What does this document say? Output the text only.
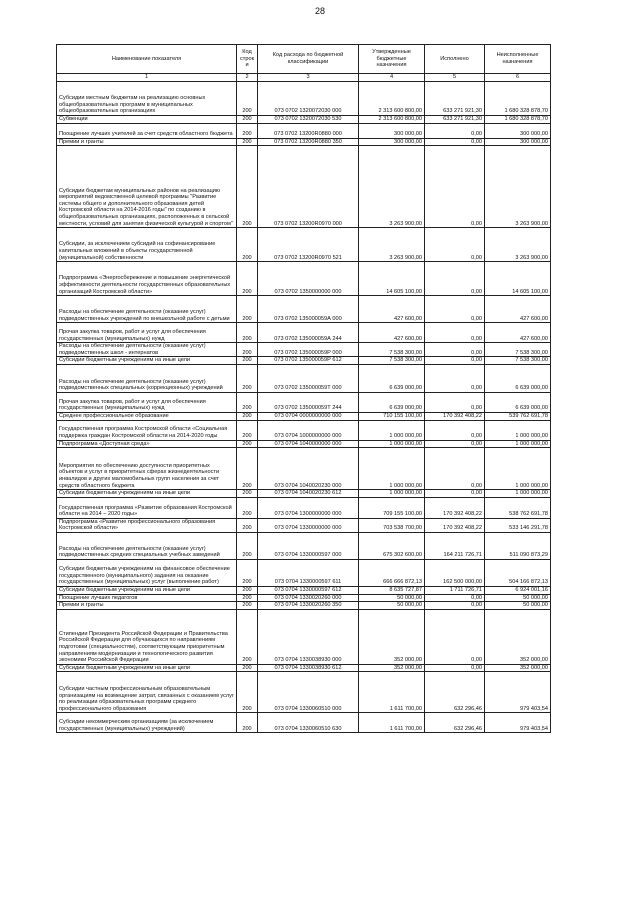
28
Наименование показателя	Код строк и	Код расхода по бюджетной классификации	Утвержденные бюджетные назначения	Исполнено	Неисполненные назначения
1	2	3	4	5	6
Субсидии местным бюджетам на реализацию основных общеобразовательных программ в муниципальных общеобразовательных организациях	200	073 0702 1320072030 000	2 313 600 800,00	633 271 921,30	1 680 328 878,70
Субвенции	200	073 0702 1320072030 530	2 313 600 800,00	633 271 921,30	1 680 328 878,70
Поощрение лучших учителей за счет средств областного бюджета	200	073 0702 13200R0880 000	300 000,00	0,00	300 000,00
Премии и гранты	200	073 0702 13200R0880 350	300 000,00	0,00	300 000,00
Субсидии бюджетам муниципальных районов на реализацию мероприятий ведомственной целевой программы "Развитие системы общего и дополнительного образования детей Костромской области на 2014-2016 годы" по созданию в общеобразовательных организациях, расположенных в сельской местности, условий для занятия физической культурой и спортом"	200	073 0702 13200R0970 000	3 263 900,00	0,00	3 263 900,00
Субсидии, за исключением субсидий на софинансирование капитальных вложений в объекты государственной (муниципальной) собственности	200	073 0702 13200R0970 521	3 263 900,00	0,00	3 263 900,00
Подпрограмма «Энергосбережение и повышение энергетической эффективности деятельности государственных образовательных организаций Костромской области»	200	073 0702 1350000000 000	14 605 100,00	0,00	14 605 100,00
Расходы на обеспечение деятельности (оказание услуг) подведомственных учреждений по внешкольной работе с детьми	200	073 0702 135000059А 000	427 600,00	0,00	427 600,00
Прочая закупка товаров, работ и услуг для обеспечения государственных (муниципальных) нужд	200	073 0702 135000059А 244	427 600,00	0,00	427 600,00
Расходы на обеспечение деятельности (оказание услуг) подведомственных школ - интернатов	200	073 0702 135000059Р 000	7 538 300,00	0,00	7 538 300,00
Субсидии бюджетным учреждениям на иные цели	200	073 0702 135000059Р 612	7 538 300,00	0,00	7 538 300,00
Расходы на обеспечение деятельности (оказание услуг) подведомственных специальных (коррекционных) учреждений	200	073 0702 135000059Т 000	6 639 000,00	0,00	6 639 000,00
Прочая закупка товаров, работ и услуг для обеспечения государственных (муниципальных) нужд	200	073 0702 135000059Т 244	6 639 000,00	0,00	6 639 000,00
Среднее профессиональное образование	200	073 0704 0000000000 000	710 155 100,00	170 392 408,22	539 762 691,78
Государственная программа Костромской области «Социальная поддержка граждан Костромской области на 2014-2020 годы	200	073 0704 1000000000 000	1 000 000,00	0,00	1 000 000,00
Подпрограмма «Доступная среда»	200	073 0704 1040000000 000	1 000 000,00	0,00	1 000 000,00
Мероприятия по обеспечению доступности приоритетных объектов и услуг в приоритетных сферах жизнедеятельности инвалидов и других маломобильных групп населения за счет средств областного бюджета	200	073 0704 1040020230 000	1 000 000,00	0,00	1 000 000,00
Субсидии бюджетным учреждениям на иные цели	200	073 0704 1040020230 612	1 000 000,00	0,00	1 000 000,00
Государственная программа «Развитие образования Костромской области на 2014 – 2020 годы»	200	073 0704 1300000000 000	709 155 100,00	170 392 408,22	538 762 691,78
Подпрограмма «Развитие профессионального образования Костромской области»	200	073 0704 1330000000 000	703 538 700,00	170 392 408,22	533 146 291,78
Расходы на обеспечение деятельности (оказание услуг) подведомственных средних специальных учебных заведений	200	073 0704 1330000597 000	675 302 600,00	164 211 726,71	511 090 873,29
Субсидии бюджетным учреждениям на финансовое обеспечение государственного (муниципального) задания на оказание государственных (муниципальных) услуг (выполнение работ)	200	073 0704 1330000597 611	666 666 872,13	162 500 000,00	504 166 872,13
Субсидии бюджетным учреждениям на иные цели	200	073 0704 1330000597 612	8 635 727,87	1 711 726,71	6 924 001,16
Поощрение лучших педагогов	200	073 0704 1330020260 000	50 000,00	0,00	50 000,00
Премии и гранты	200	073 0704 1330020260 350	50 000,00	0,00	50 000,00
Стипендии Президента Российской Федерации и Правительства Российской Федерации для обучающихся по направлениям подготовки (специальностям), соответствующим приоритетным направлениям модернизации и технологического развития экономики Российской Федерации	200	073 0704 1330038930 000	352 000,00	0,00	352 000,00
Субсидии бюджетным учреждениям на иные цели	200	073 0704 1330038930 612	352 000,00	0,00	352 000,00
Субсидии частным профессиональным образовательным организациям на возмещение затрат, связанных с оказанием услуг по реализации образовательных программ среднего профессионального образования	200	073 0704 1330060510 000	1 611 700,00	632 296,46	979 403,54
Субсидии некоммерческим организациям (за исключением государственных (муниципальных) учреждений)	200	073 0704 1330060510 630	1 611 700,00	632 296,46	979 403,54
